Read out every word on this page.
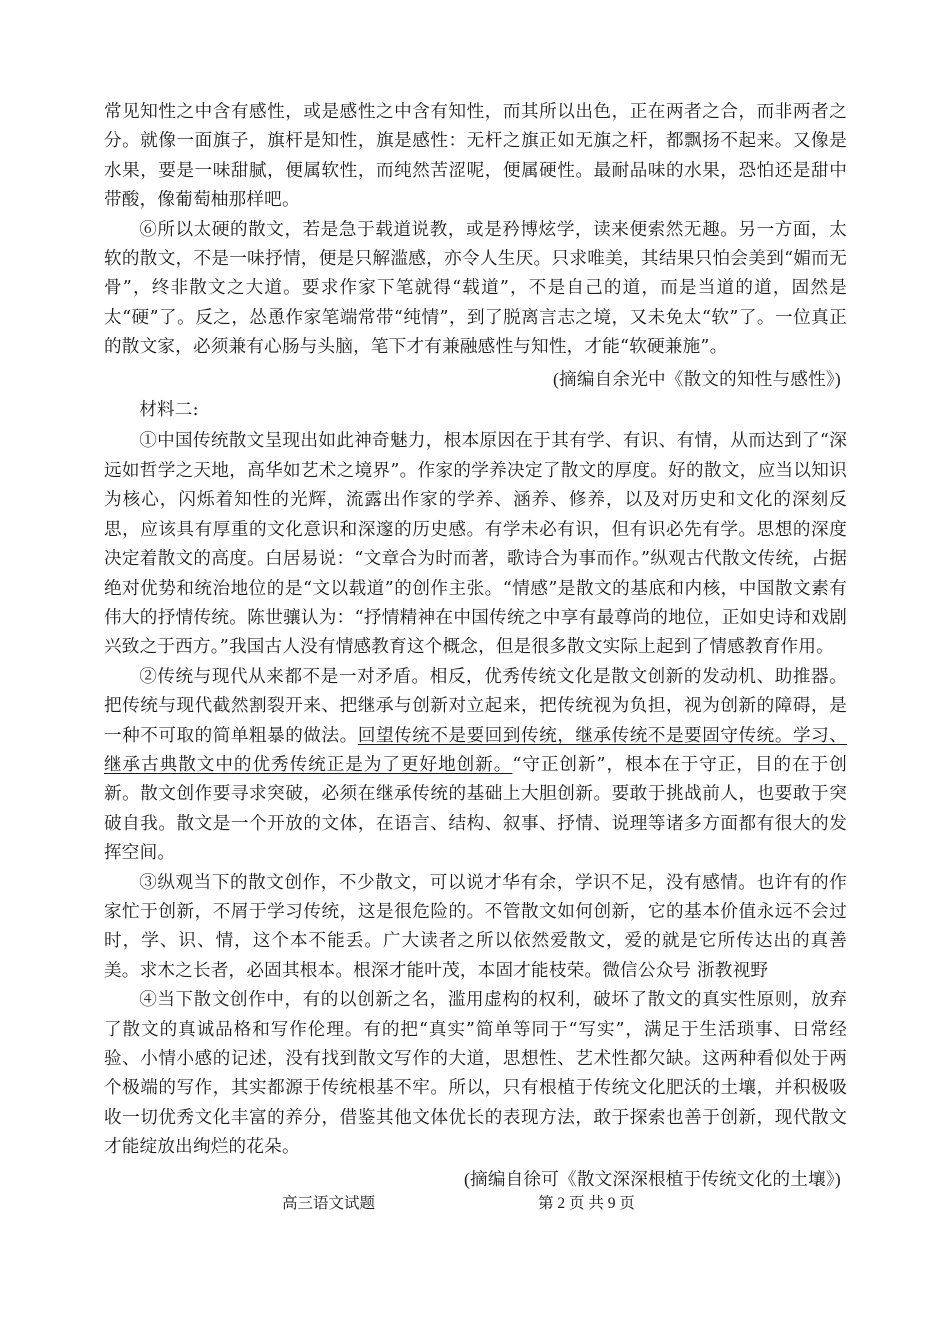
常见知性之中含有感性，或是感性之中含有知性，而其所以出色，正在两者之合，而非两者之分。就像一面旗子，旗杆是知性，旗是感性：无杆之旗正如无旗之杆，都飘扬不起来。又像是水果，要是一味甜腻，便属软性，而纯然苦涩呢，便属硬性。最耐品味的水果，恐怕还是甜中带酸，像葡萄柚那样吧。

⑥所以太硬的散文，若是急于载道说教，或是矜博炫学，读来便索然无趣。另一方面，太软的散文，不是一味抒情，便是只解滥感，亦令人生厌。只求唯美，其结果只怕会美到“媚而无骨”，终非散文之大道。要求作家下笔就得“载道”，不是自己的道，而是当道的道，固然是太“硬”了。反之，怂恿作家笔端常带“纯情”，到了脱离言志之境，又未免太“软”了。一位真正的散文家，必须兼有心肠与头脑，笔下才有兼融感性与知性，才能“软硬兼施”。

(摘编自余光中《散文的知性与感性》)
材料二:

①中国传统散文呈现出如此神奇魅力，根本原因在于其有学、有识、有情，从而达到了“深远如哲学之天地，高华如艺术之境界”。作家的学养决定了散文的厚度。好的散文，应当以知识为核心，闪烁着知性的光辉，流露出作家的学养、涵养、修养，以及对历史和文化的深刻反思，应该具有厚重的文化意识和深邃的历史感。有学未必有识，但有识必先有学。思想的深度决定着散文的高度。白居易说：“文章合为时而著，歌诗合为事而作。”纵观古代散文传统，占据绝对优势和统治地位的是“文以载道”的创作主张。“情感”是散文的基底和内核，中国散文素有伟大的抒情传统。陈世骧认为：“抒情精神在中国传统之中享有最尊尚的地位，正如史诗和戏剧兴致之于西方。”我国古人没有情感教育这个概念，但是很多散文实际上起到了情感教育作用。

②传统与现代从来都不是一对矛盾。相反，优秀传统文化是散文创新的发动机、助推器。把传统与现代截然割裂开来、把继承与创新对立起来，把传统视为负担，视为创新的障碍，是一种不可取的简单粗暴的做法。回望传统不是要回到传统，继承传统不是要固守传统。学习、继承古典散文中的优秀传统正是为了更好地创新。“守正创新”，根本在于守正，目的在于创新。散文创作要寻求突破，必须在继承传统的基础上大胆创新。要敢于挑战前人，也要敢于突破自我。散文是一个开放的文体，在语言、结构、叙事、抒情、说理等诸多方面都有很大的发挥空间。

③纵观当下的散文创作，不少散文，可以说才华有余，学识不足，没有感情。也许有的作家忙于创新，不屑于学习传统，这是很危险的。不管散文如何创新，它的基本价值永远不会过时，学、识、情，这个本不能丢。广大读者之所以依然爱散文，爱的就是它所传达出的真善美。求木之长者，必固其根本。根深才能叶茂，本固才能枝荣。微信公众号 浙教视野

④当下散文创作中，有的以创新之名，滥用虚构的权利，破坏了散文的真实性原则，放弃了散文的真诚品格和写作伦理。有的把“真实”简单等同于“写实”，满足于生活琐事、日常经验、小情小感的记述，没有找到散文写作的大道，思想性、艺术性都欠缺。这两种看似处于两个极端的写作，其实都源于传统根基不牢。所以，只有根植于传统文化肥沃的土壤，并积极吸收一切优秀文化丰富的养分，借鉴其他文体优长的表现方法，敢于探索也善于创新，现代散文才能绽放出绚烂的花朵。

(摘编自徐可《散文深深根植于传统文化的土壤》)
高三语文试题	第 2 页 共 9 页
